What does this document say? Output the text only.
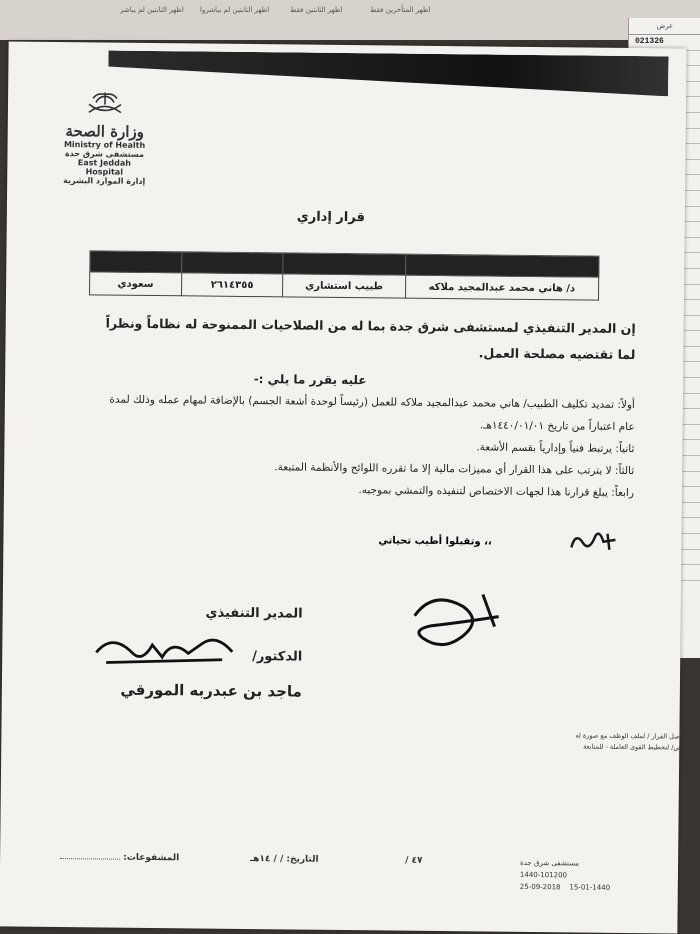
اظهر الثابتين لم يباشر اظهر الثابتين لم يباشروا	اظهر الثابتين فقط	اظهر المتأخرين فقط
عرض
021326
وزارة الصحة
Ministry of Health
مستشفى شرق جدة
East Jeddah Hospital
إدارة الموارد البشرية
قرار إداري

سعودي	٢٦١٤٣٥٥	طبيب استشاري	د/ هاني محمد عبدالمجيد ملاكه
إن المدير التنفيذي لمستشفى شرق جدة بما له من الصلاحيات الممنوحة له نظاماً ونظراً لما تقتضيه مصلحة العمل.
عليه يقرر ما يلي :-
أولاً: تمديد تكليف الطبيب/ هاني محمد عبدالمجيد ملاكه للعمل (رئيساً لوحدة أشعة الجسم) بالإضافة لمهام عمله وذلك لمدة عام اعتباراً من تاريخ ١٤٤٠/٠١/٠١هـ.
ثانياً: يرتبط فنياً وإدارياً بقسم الأشعة.
ثالثاً: لا يترتب على هذا القرار أي مميزات مالية إلا ما تقرره اللوائح والأنظمة المتبعة.
رابعاً: يبلغ قرارنا هذا لجهات الاختصاص لتنفيذه والتمشي بموجبه.
وتقبلوا أطيب تحياتي ،،
المدير التنفيذي
الدكتور/
ماجد بن عبدربه المورقي
أصل القرار / لملف الوظف مع صورة له
ص/ لتخطيط القوى العاملة - للمتابعة
مستشفى شرق جدة
1440-101200
25-09-2018 15-01-1440
٤٧ /
التاريخ: / / ١٤هـ
المشفوعات:
